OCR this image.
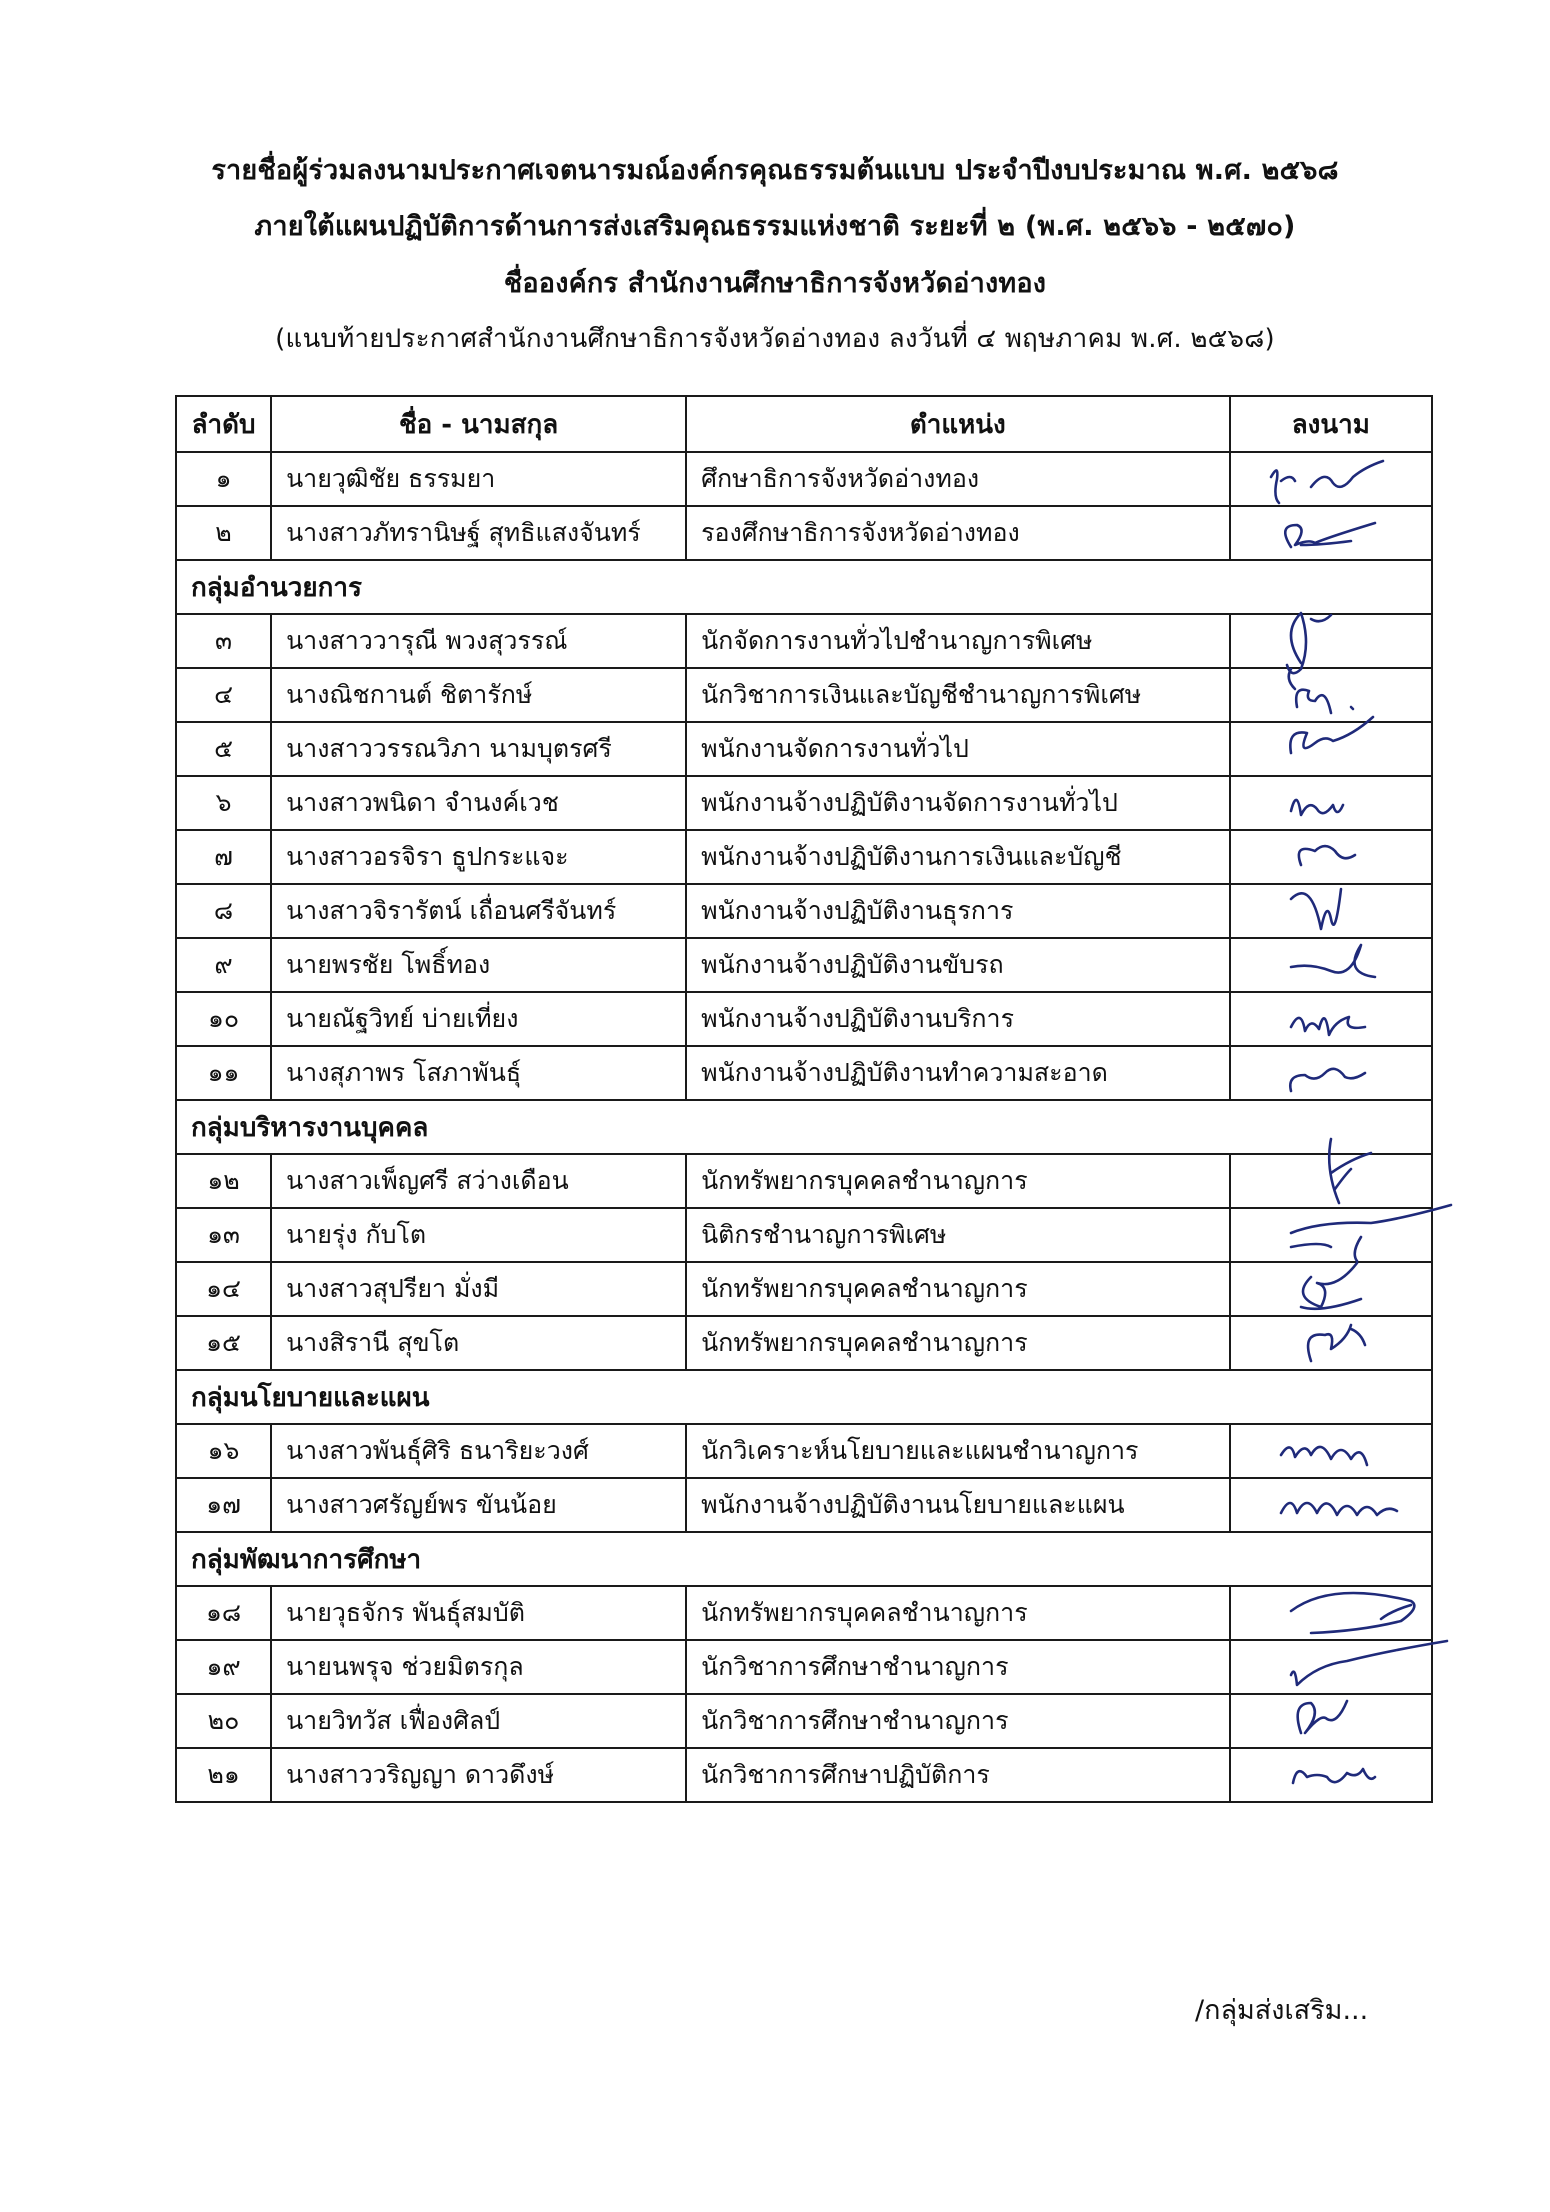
รายชื่อผู้ร่วมลงนามประกาศเจตนารมณ์องค์กรคุณธรรมต้นแบบ ประจำปีงบประมาณ พ.ศ. ๒๕๖๘
ภายใต้แผนปฏิบัติการด้านการส่งเสริมคุณธรรมแห่งชาติ ระยะที่ ๒ (พ.ศ. ๒๕๖๖ - ๒๕๗๐)
ชื่อองค์กร สำนักงานศึกษาธิการจังหวัดอ่างทอง
(แนบท้ายประกาศสำนักงานศึกษาธิการจังหวัดอ่างทอง ลงวันที่ ๔ พฤษภาคม พ.ศ. ๒๕๖๘)
ลำดับ	ชื่อ - นามสกุล	ตำแหน่ง	ลงนาม
๑	นายวุฒิชัย ธรรมยา	ศึกษาธิการจังหวัดอ่างทอง	

๒	นางสาวภัทรานิษฐ์ สุทธิแสงจันทร์	รองศึกษาธิการจังหวัดอ่างทอง	

กลุ่มอำนวยการ			
๓	นางสาววารุณี พวงสุวรรณ์	นักจัดการงานทั่วไปชำนาญการพิเศษ	

๔	นางณิชกานต์ ชิตารักษ์	นักวิชาการเงินและบัญชีชำนาญการพิเศษ	

๕	นางสาววรรณวิภา นามบุตรศรี	พนักงานจัดการงานทั่วไป	

๖	นางสาวพนิดา จำนงค์เวช	พนักงานจ้างปฏิบัติงานจัดการงานทั่วไป	

๗	นางสาวอรจิรา ธูปกระแจะ	พนักงานจ้างปฏิบัติงานการเงินและบัญชี	

๘	นางสาวจิรารัตน์ เถื่อนศรีจันทร์	พนักงานจ้างปฏิบัติงานธุรการ	

๙	นายพรชัย โพธิ์ทอง	พนักงานจ้างปฏิบัติงานขับรถ	

๑๐	นายณัฐวิทย์ บ่ายเที่ยง	พนักงานจ้างปฏิบัติงานบริการ	

๑๑	นางสุภาพร โสภาพันธุ์	พนักงานจ้างปฏิบัติงานทำความสะอาด	

กลุ่มบริหารงานบุคคล			
๑๒	นางสาวเพ็ญศรี สว่างเดือน	นักทรัพยากรบุคคลชำนาญการ	

๑๓	นายรุ่ง กับโต	นิติกรชำนาญการพิเศษ	

๑๔	นางสาวสุปรียา มั่งมี	นักทรัพยากรบุคคลชำนาญการ	

๑๕	นางสิรานี สุขโต	นักทรัพยากรบุคคลชำนาญการ	

กลุ่มนโยบายและแผน			
๑๖	นางสาวพันธุ์ศิริ ธนาริยะวงศ์	นักวิเคราะห์นโยบายและแผนชำนาญการ	

๑๗	นางสาวศรัญย์พร ขันน้อย	พนักงานจ้างปฏิบัติงานนโยบายและแผน	

กลุ่มพัฒนาการศึกษา			
๑๘	นายวุธจักร พันธุ์สมบัติ	นักทรัพยากรบุคคลชำนาญการ	

๑๙	นายนพรุจ ช่วยมิตรกุล	นักวิชาการศึกษาชำนาญการ	

๒๐	นายวิทวัส เฟื่องศิลป์	นักวิชาการศึกษาชำนาญการ	

๒๑	นางสาววริญญา ดาวดึงษ์	นักวิชาการศึกษาปฏิบัติการ	
/กลุ่มส่งเสริม...
